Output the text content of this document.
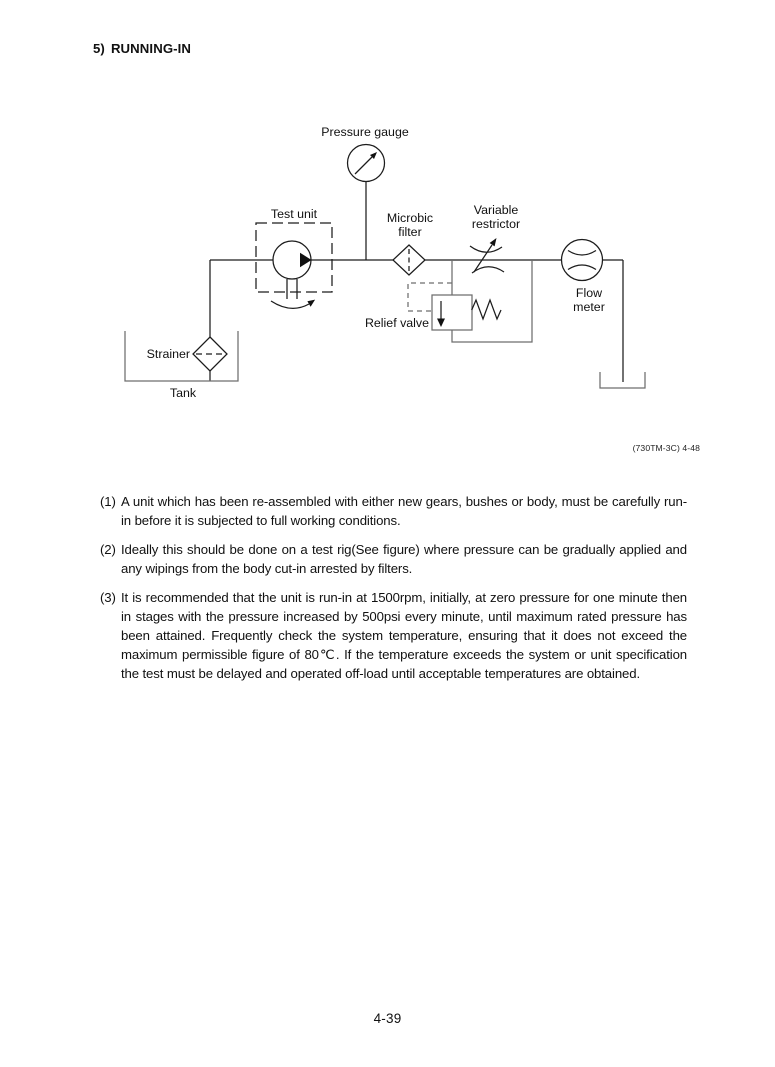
5) RUNNING-IN
Pressure gauge
Test unit	Microbic
filter
Variable
restrictor
Flow
meter
Relief valve
Strainer
Tank
(730TM-3C) 4-48

(1) A unit which has been re-assembled with either new gears, bushes or body, must be carefully run-in before it is subjected to full working conditions.

(2) Ideally this should be done on a test rig(See figure) where pressure can be gradually applied and any wipings from the body cut-in arrested by filters.

(3) It is recommended that the unit is run-in at 1500rpm, initially, at zero pressure for one minute then in stages with the pressure increased by 500psi every minute, until maximum rated pressure has been attained. Frequently check the system temperature, ensuring that it does not exceed the maximum permissible figure of 80℃. If the temperature exceeds the system or unit specification the test must be delayed and operated off-load until acceptable temperatures are obtained.

4-39
